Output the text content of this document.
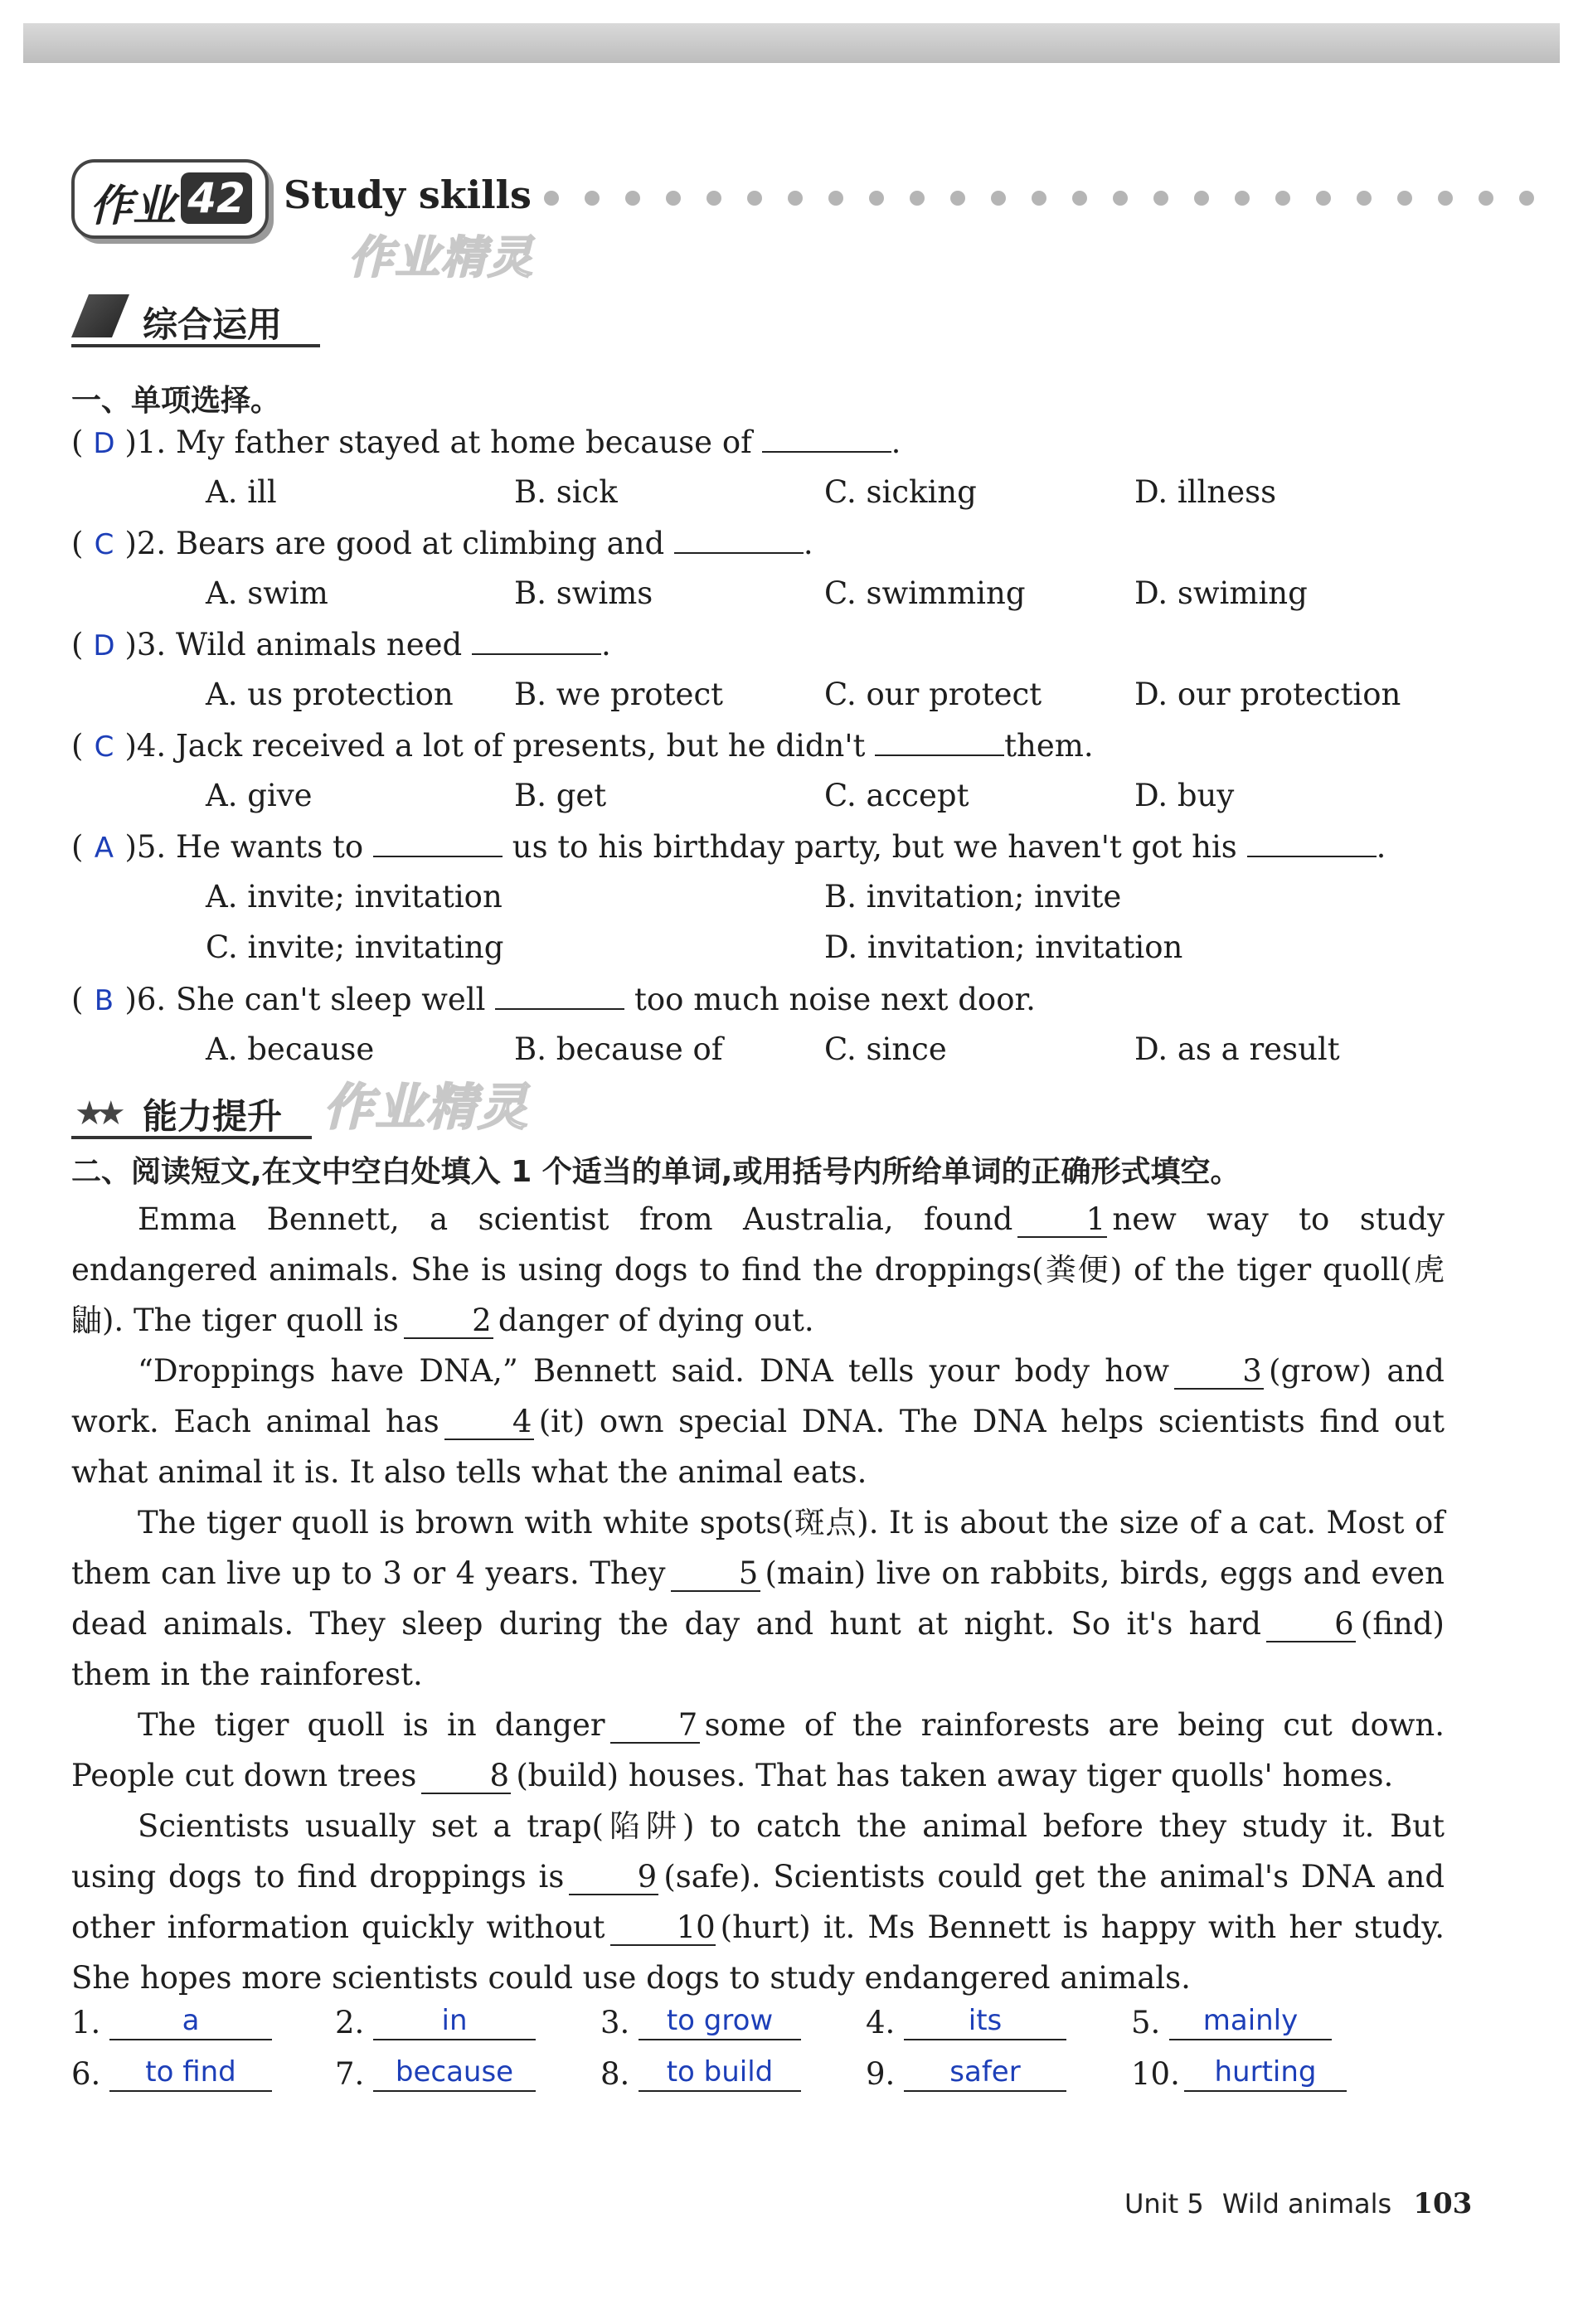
作业 42 Study skills
作业精灵
综合运用
一、单项选择。
( D )1. My father stayed at home because of	.
A. ill	B. sick	C. sicking	D. illness
( C )2. Bears are good at climbing and	.
A. swim	B. swims	C. swimming	D. swiming
( D )3. Wild animals need	.
A. us protection B. we protect	C. our protect	D. our protection
( C )4. Jack received a lot of presents, but he didn't	them.
A. give	B. get	C. accept	D. buy
( A )5. He wants to	us to his birthday party, but we haven't got his	.
A. invite; invitation	B. invitation; invite
C. invite; invitating	D. invitation; invitation
( B )6. She can't sleep well	too much noise next door.
A. because	B. because of	C. since	D. as a result
★★ 能力提升 作业精灵
二、阅读短文,在文中空白处填入 1 个适当的单词,或用括号内所给单词的正确形式填空。

Emma Bennett, a scientist from Australia, found 1 new way to study endangered animals. She is using dogs to find the droppings(粪便) of the tiger quoll(虎鼬). The tiger quoll is 2 danger of dying out.

“Droppings have DNA,” Bennett said. DNA tells your body how 3 (grow) and work. Each animal has 4 (it) own special DNA. The DNA helps scientists find out what animal it is. It also tells what the animal eats.

The tiger quoll is brown with white spots(斑点). It is about the size of a cat. Most of them can live up to 3 or 4 years. They 5 (main) live on rabbits, birds, eggs and even dead animals. They sleep during the day and hunt at night. So it's hard 6 (find) them in the rainforest.

The tiger quoll is in danger 7 some of the rainforests are being cut down. People cut down trees 8 (build) houses. That has taken away tiger quolls' homes.

Scientists usually set a trap(陷阱) to catch the animal before they study it. But using dogs to find droppings is 9 (safe). Scientists could get the animal's DNA and other information quickly without 10 (hurt) it. Ms Bennett is happy with her study. She hopes more scientists could use dogs to study endangered animals.

1.	a	2.	in	3. to grow	4.	its	5. mainly
6. to find	7. because	8. to build	9. safer	10. hurting
Unit 5 Wild animals 103
